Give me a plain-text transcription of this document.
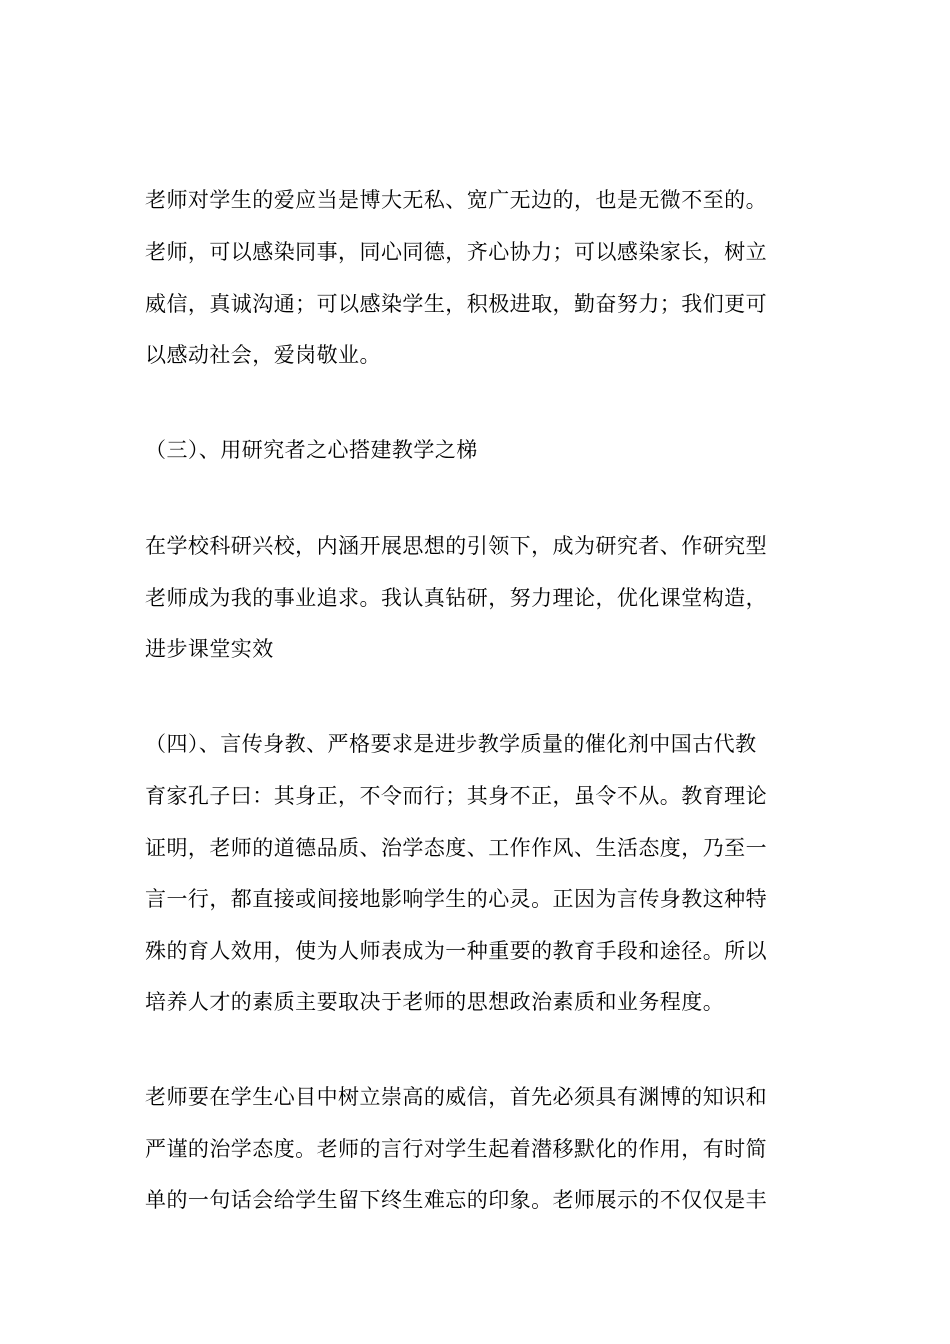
老师对学生的爱应当是博大无私、宽广无边的，也是无微不至的。
老师，可以感染同事，同心同德，齐心协力；可以感染家长，树立
威信，真诚沟通；可以感染学生，积极进取，勤奋努力；我们更可
以感动社会，爱岗敬业。
（三）、用研究者之心搭建教学之梯
在学校科研兴校，内涵开展思想的引领下，成为研究者、作研究型
老师成为我的事业追求。我认真钻研，努力理论，优化课堂构造，
进步课堂实效
（四）、言传身教、严格要求是进步教学质量的催化剂中国古代教
育家孔子曰：其身正，不令而行；其身不正，虽令不从。教育理论
证明，老师的道德品质、治学态度、工作作风、生活态度，乃至一
言一行，都直接或间接地影响学生的心灵。正因为言传身教这种特
殊的育人效用，使为人师表成为一种重要的教育手段和途径。所以
培养人才的素质主要取决于老师的思想政治素质和业务程度。
老师要在学生心目中树立崇高的威信，首先必须具有渊博的知识和
严谨的治学态度。老师的言行对学生起着潜移默化的作用，有时简
单的一句话会给学生留下终生难忘的印象。老师展示的不仅仅是丰
